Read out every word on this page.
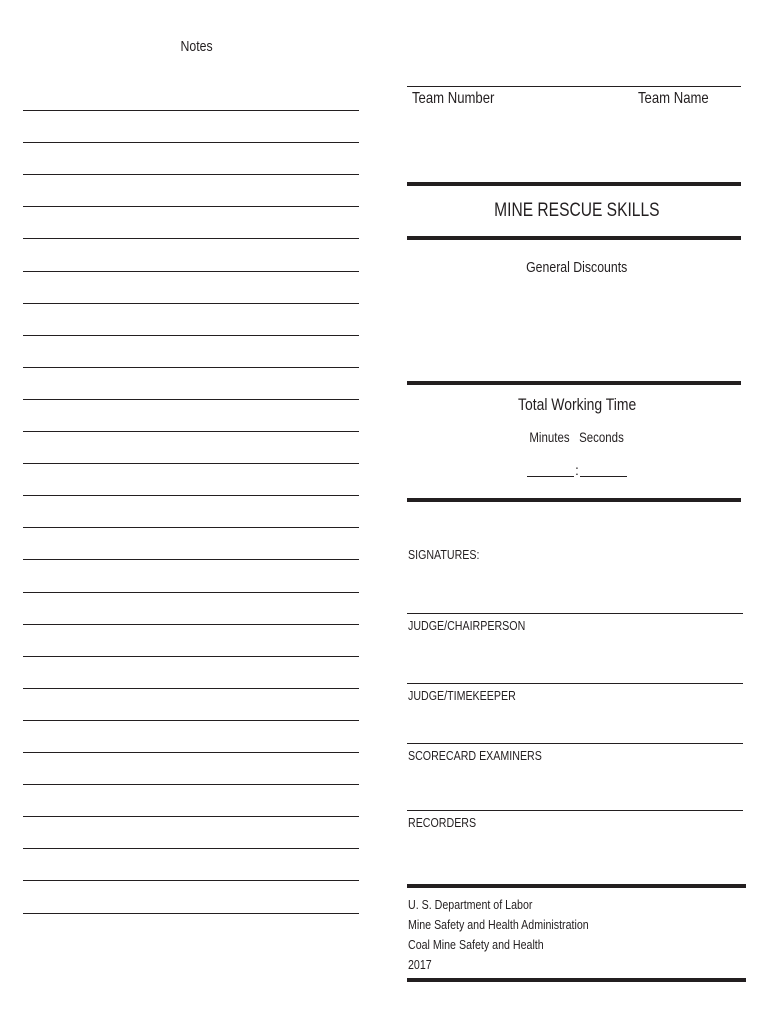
Notes
Team Number	Team Name
MINE RESCUE SKILLS
General Discounts
Total Working Time
Minutes   Seconds
:
SIGNATURES:
JUDGE/CHAIRPERSON
JUDGE/TIMEKEEPER
SCORECARD EXAMINERS
RECORDERS
U. S. Department of Labor
Mine Safety and Health Administration
Coal Mine Safety and Health
2017
